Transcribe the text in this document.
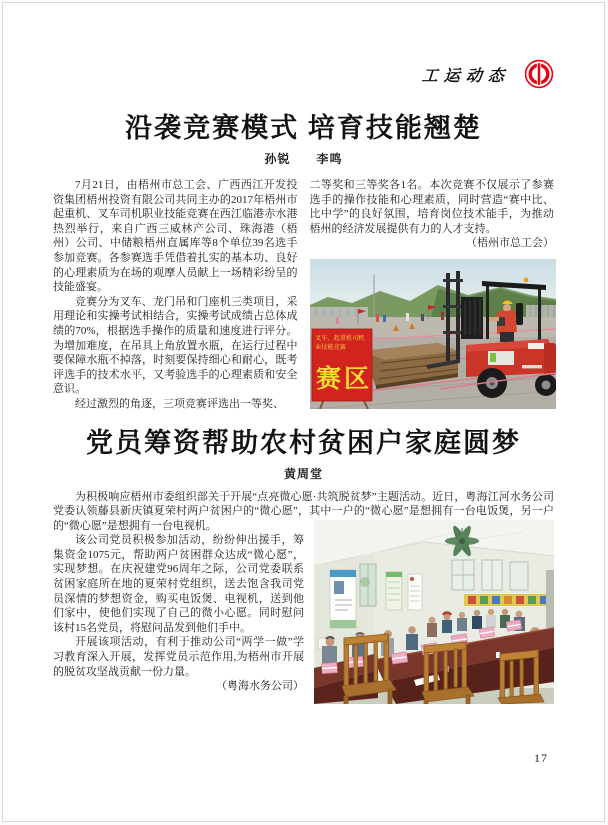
工运动态
沿袭竞赛模式 培育技能翘楚
孙锐　　李鸣

7月21日，由梧州市总工会、广西西江开发投资集团梧州投资有限公司共同主办的2017年梧州市起重机、叉车司机职业技能竞赛在西江临港赤水港热烈举行，来自广西三威林产公司、珠海港（梧州）公司、中储粮梧州直属库等8个单位39名选手参加竞赛。各参赛选手凭借着扎实的基本功、良好的心理素质为在场的观摩人员献上一场精彩纷呈的技能盛宴。

竞赛分为叉车、龙门吊和门座机三类项目，采用理论和实操考试相结合，实操考试成绩占总体成绩的70%，根据选手操作的质量和速度进行评分。为增加难度，在吊具上角放置水瓶，在运行过程中要保障水瓶不掉落，时刻要保持细心和耐心，既考评选手的技术水平，又考验选手的心理素质和安全意识。

经过激烈的角逐，三项竞赛评选出一等奖、

二等奖和三等奖各1名。本次竞赛不仅展示了参赛选手的操作技能和心理素质，同时营造“赛中比、比中学”的良好氛围，培育岗位技术能手，为推动梧州的经济发展提供有力的人才支持。

（梧州市总工会）

叉车、起重机司机
业技能竞赛
赛区
党员筹资帮助农村贫困户家庭圆梦
黄周堂

为积极响应梧州市委组织部关于开展“点亮微心愿·共筑脱贫梦”主题活动。近日，粤海江河水务公司党委认领藤县新庆镇夏荣村两户贫困户的“微心愿”，其中一户的“微心愿”是想拥有一台电饭煲，另一户的“微心愿”是想拥有一台电视机。

该公司党员积极参加活动，纷纷伸出援手，筹集资金1075元，帮助两户贫困群众达成“微心愿”，实现梦想。在庆祝建党96周年之际，公司党委联系贫困家庭所在地的夏荣村党组织，送去饱含我司党员深情的梦想资金，购买电饭煲、电视机，送到他们家中，使他们实现了自己的微小心愿。同时慰问该村15名党员，将慰问品发到他们手中。

开展该项活动，有利于推动公司“两学一做”学习教育深入开展，发挥党员示范作用,为梧州市开展的脱贫攻坚战贡献一份力量。

（粤海水务公司）

17
